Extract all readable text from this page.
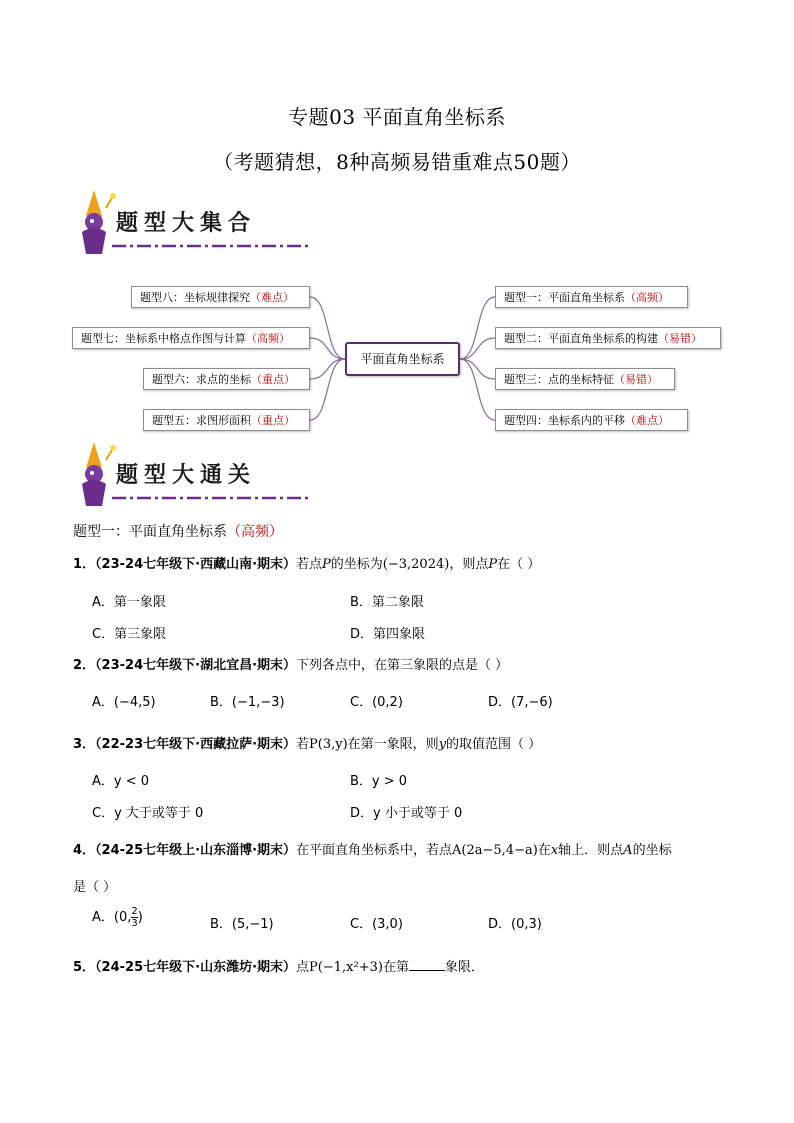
专题03 平面直角坐标系
（考题猜想，8种高频易错重难点50题）
题型大集合
题型八：坐标规律探究（难点）
题型七：坐标系中格点作图与计算（高频）
题型六：求点的坐标（重点）
题型五：求图形面积（重点）
平面直角坐标系
题型一：平面直角坐标系（高频）
题型二：平面直角坐标系的构建（易错）
题型三：点的坐标特征（易错）
题型四：坐标系内的平移（难点）
题型大通关
题型一：平面直角坐标系（高频）
1．（23-24七年级下·西藏山南·期末）若点P的坐标为(−3,2024)，则点P在（ ）
A．第一象限	B．第二象限
C．第三象限	D．第四象限
2．（23-24七年级下·湖北宜昌·期末）下列各点中，在第三象限的点是（ ）
A．(−4,5)	B．(−1,−3)	C．(0,2)	D．(7,−6)
3．（22-23七年级下·西藏拉萨·期末）若P(3,y)在第一象限，则y的取值范围（ ）
A．y < 0	B．y > 0
C．y 大于或等于 0	D．y 小于或等于 0
4．（24-25七年级上·山东淄博·期末）在平面直角坐标系中，若点A(2a−5,4−a)在x轴上．则点A的坐标
是（ ）
A．(0, $\frac{2}{3}$ )	B．(5,−1)	C．(3,0)	D．(0,3)
5．（24-25七年级下·山东潍坊·期末）点P(−1,x²+3)在第	象限．
